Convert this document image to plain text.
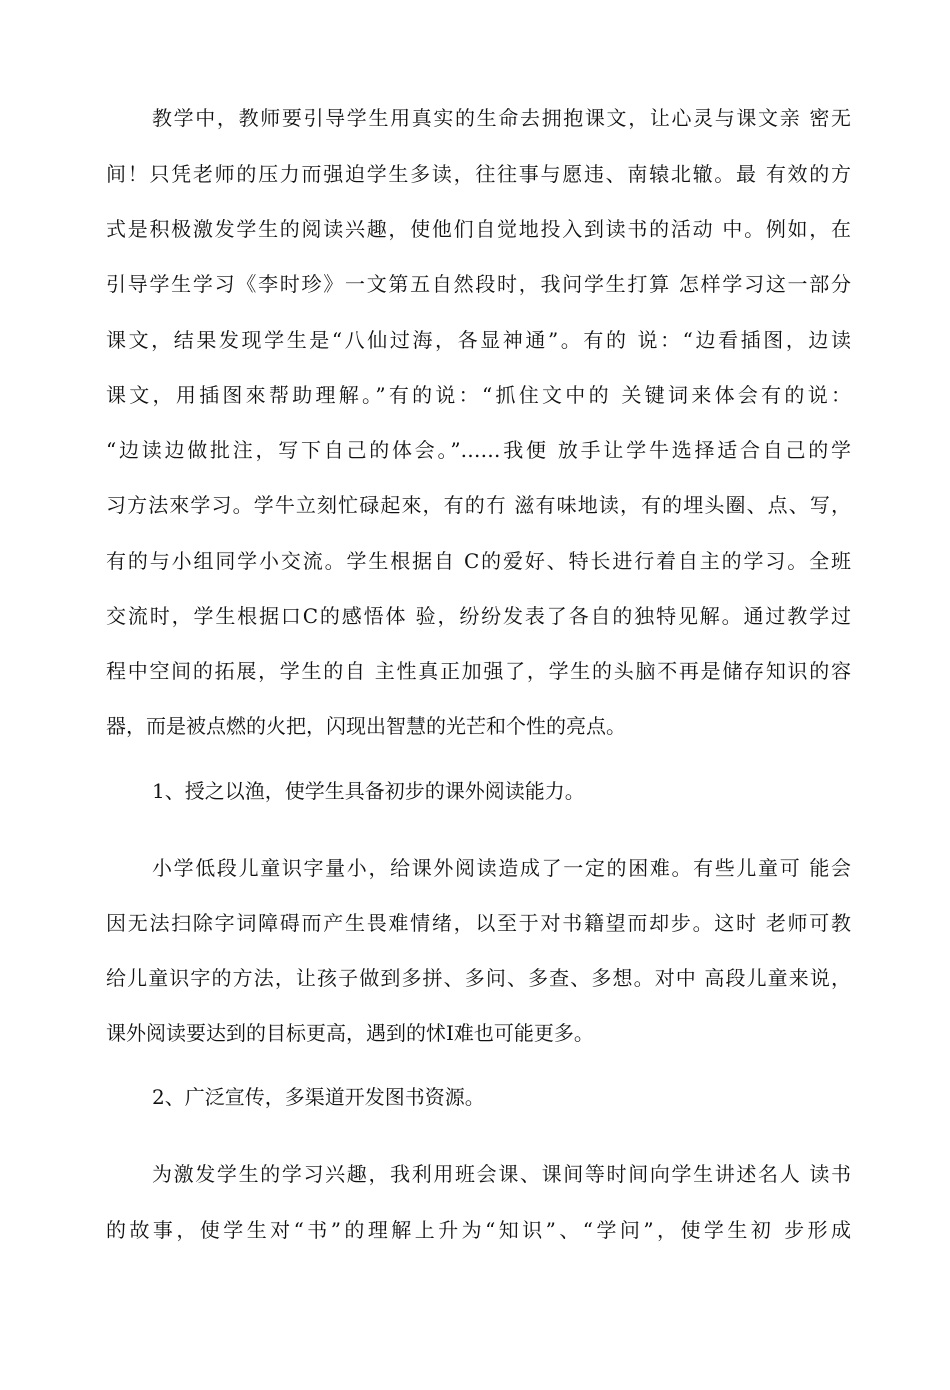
教学中，教师要引导学生用真实的生命去拥抱课文，让心灵与课文亲 密无
间！只凭老师的压力而强迫学生多读，往往事与愿违、南辕北辙。最 有效的方
式是积极激发学生的阅读兴趣，使他们自觉地投入到读书的活动 中。例如，在
引导学生学习《李时珍》一文第五自然段时，我问学生打算 怎样学习这一部分
课文，结果发现学生是“八仙过海，各显神通”。有的 说：“边看插图，边读
课文，用插图來帮助理解。”有的说：“抓住文中的 关键词来体会有的说：
“边读边做批注，写下自己的体会。”……我便 放手让学牛选择适合自己的学
习方法來学习。学牛立刻忙碌起來，有的冇 滋有味地读，有的埋头圈、点、写，
有的与小组同学小交流。学生根据自 C的爱好、特长进行着自主的学习。全班
交流时，学生根据口C的感悟体 验，纷纷发表了各自的独特见解。通过教学过
程中空间的拓展，学生的自 主性真正加强了，学生的头脑不再是储存知识的容
器，而是被点燃的火把，闪现出智慧的光芒和个性的亮点。
1、授之以渔，使学生具备初步的课外阅读能力。
小学低段儿童识字量小，给课外阅读造成了一定的困难。有些儿童可 能会
因无法扫除字词障碍而产生畏难情绪，以至于对书籍望而却步。这时 老师可教
给儿童识字的方法，让孩子做到多拼、多问、多查、多想。对中 高段儿童来说，
课外阅读要达到的目标更高，遇到的怵I难也可能更多。
2、广泛宣传，多渠道开发图书资源。
为激发学生的学习兴趣，我利用班会课、课间等时间向学生讲述名人 读书
的故事，使学生对“书”的理解上升为“知识”、“学问”，使学生初 步形成
